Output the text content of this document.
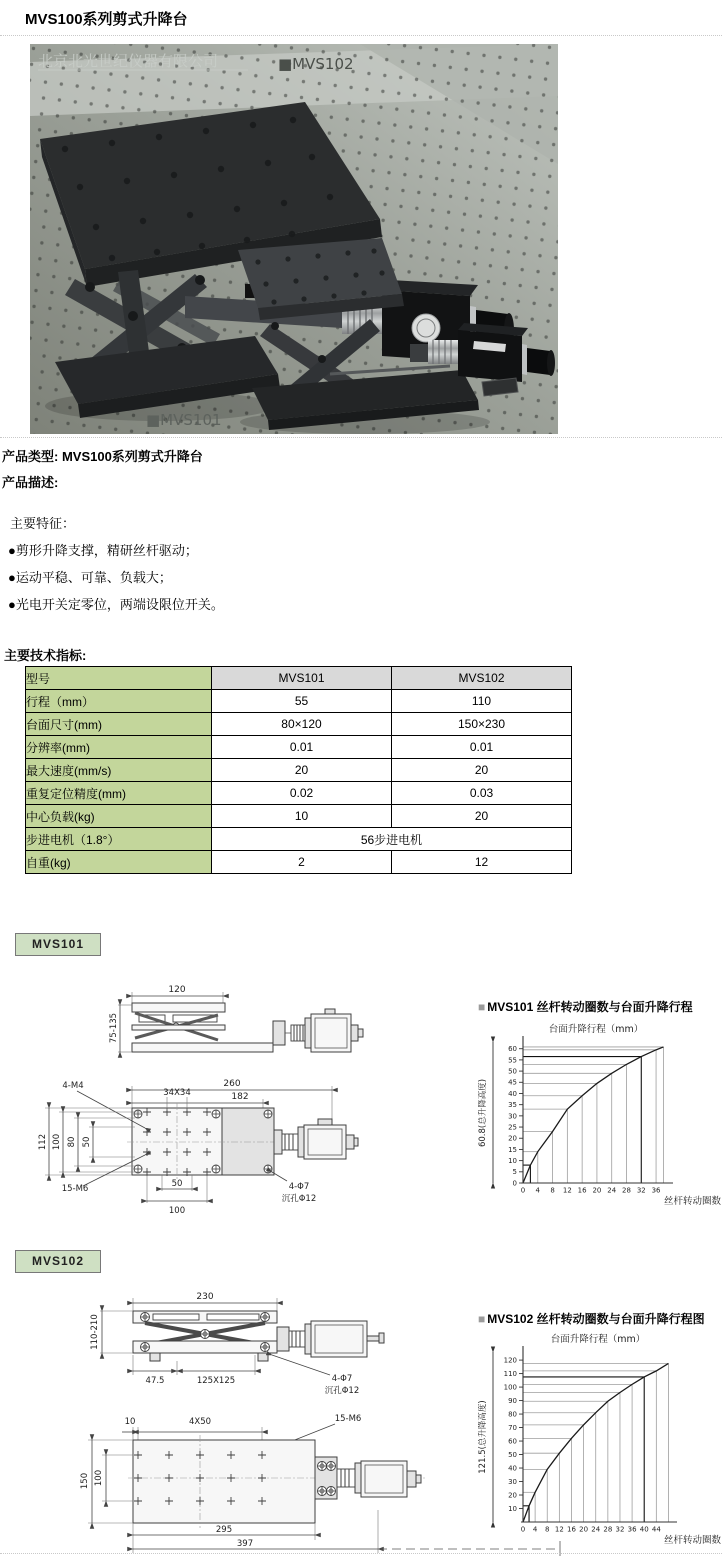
MVS100系列剪式升降台
北京北光世纪仪器有限公司	■MVS102
■MVS101
产品类型: MVS100系列剪式升降台
产品描述:
主要特征：
●剪形升降支撑，精研丝杆驱动；
●运动平稳、可靠、负载大；
●光电开关定零位，两端设限位开关。
主要技术指标:
型号	MVS101	MVS102
行程（mm）	55	110
台面尺寸(mm)	80×120	150×230
分辨率(mm)	0.01	0.01
最大速度(mm/s)	20	20
重复定位精度(mm)	0.02	0.03
中心负载(kg)	10	20
步进电机（1.8°）	56步进电机	
自重(kg)	2	12
MVS101
120
75-135
260
182
4-M4
34X34
112 100 80 50
15-M6	50
100
4-Φ7
沉孔Φ12
■ MVS101 丝杆转动圈数与台面升降行程
台面升降行程（mm）
60.8(总升降高度)
0
5
10
15
20
25
30
35
40
45
50
55
60
0 4 8 12 16 20 24 28 32 36
丝杆转动圈数
MVS102
230
110-210
47.5	125X125	4-Φ7
沉孔Φ12
10	4X50	15-M6
150 100
295
397
■ MVS102 丝杆转动圈数与台面升降行程图
台面升降行程（mm）
121.5(总升降高度)
10
20
30
40
50
60
70
80
90
100
110
120
0 4 8 12 16 20 24 28 32 36 40 44
丝杆转动圈数
